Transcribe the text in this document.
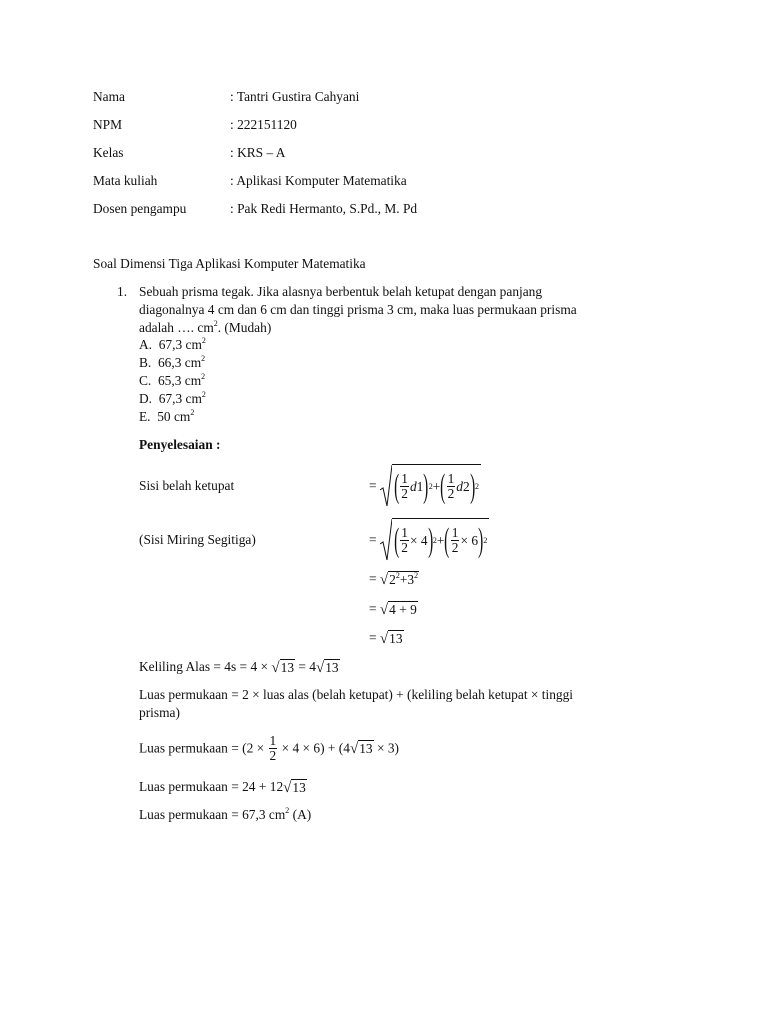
Nama	: Tantri Gustira Cahyani
NPM	: 222151120
Kelas	: KRS – A
Mata kuliah	: Aplikasi Komputer Matematika
Dosen pengampu	: Pak Redi Hermanto, S.Pd., M. Pd
Soal Dimensi Tiga Aplikasi Komputer Matematika
1. Sebuah prisma tegak. Jika alasnya berbentuk belah ketupat dengan panjang
diagonalnya 4 cm dan 6 cm dan tinggi prisma 3 cm, maka luas permukaan prisma
adalah …. $cm^2$. (Mudah)
A. 67,3 $cm^2$
B. 66,3 $cm^2$
C. 65,3 $cm^2$
D. 67,3 $cm^2$
E. 50 $cm^2$
Penyelesaian :
Sisi belah ketupat	= ( $\frac{1}{2}$ d 1 ) 2 + ( $\frac{1}{2}$ d 2 ) 2
(Sisi Miring Segitiga)	= ( $\frac{1}{2} \times 4$ ) 2 + ( $\frac{1}{2} \times 6$ ) 2
= $√2^2+3^2$
= √4 + 9
= √13
Keliling Alas = 4s = 4 × √13 = 4√13
Luas permukaan = 2 × luas alas (belah ketupat) + (keliling belah ketupat × tinggi
prisma)
Luas permukaan = $(2 \times \frac{1}{2} \times 4 \times 6) + (4√13 \times 3)$
Luas permukaan = 24 + 12√13
Luas permukaan = 67,3 $cm^2$ (A)
